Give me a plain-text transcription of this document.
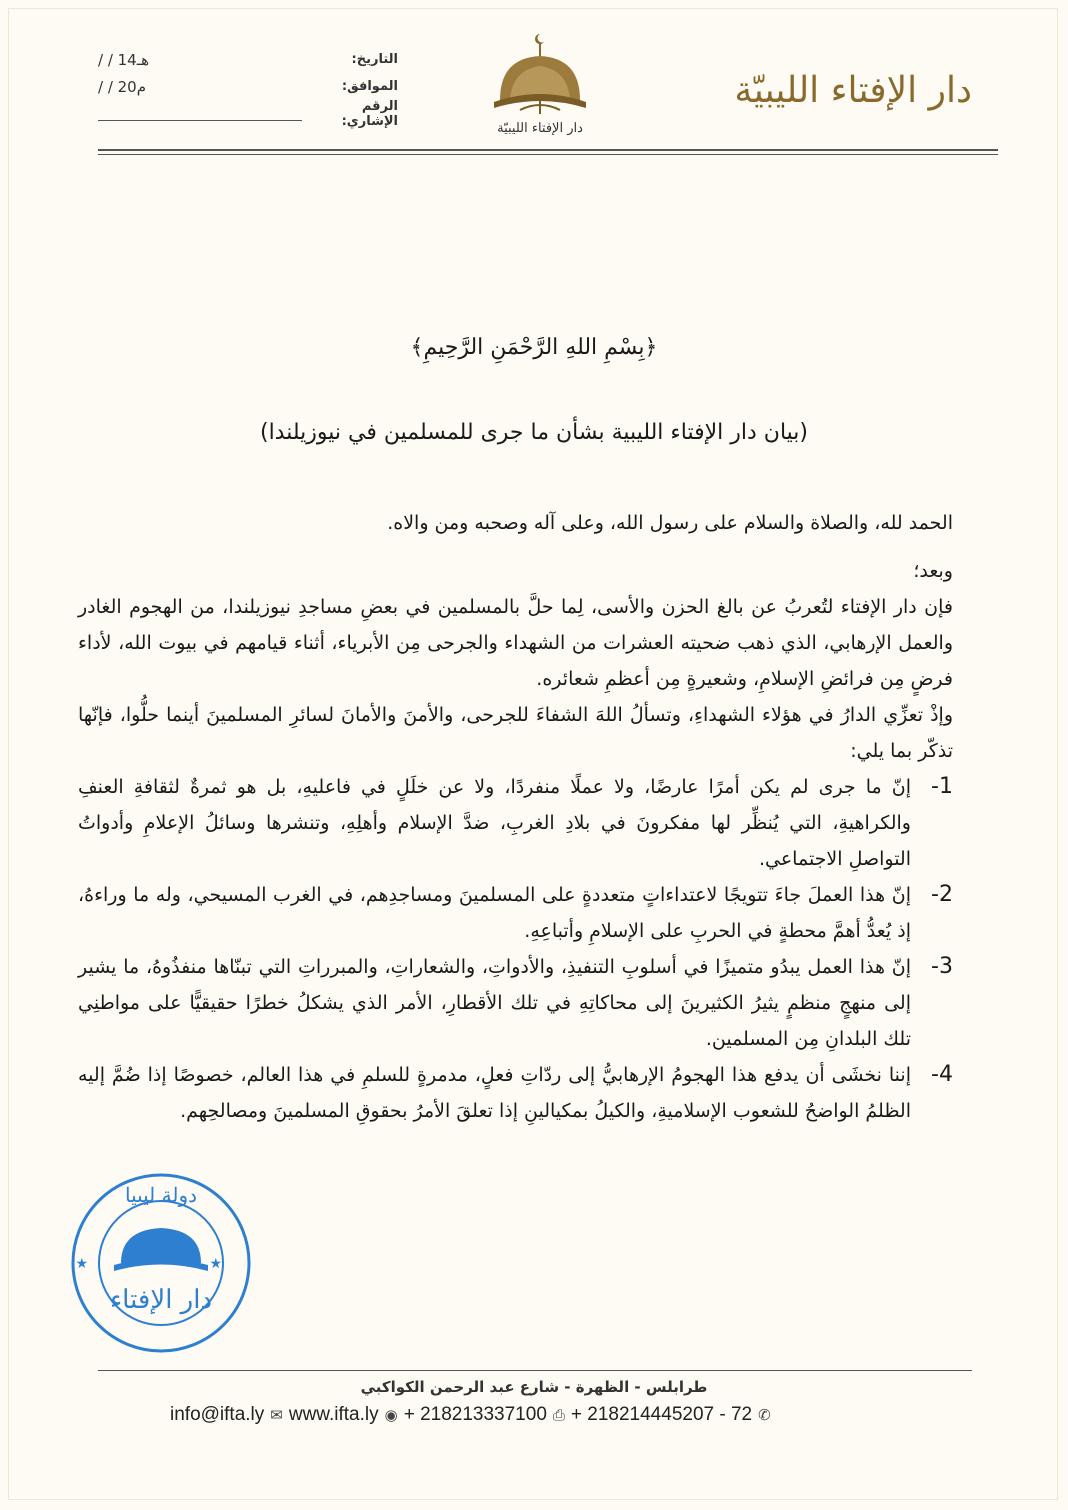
دار الإفتاء الليبيّة
دار الإفتاء الليبيّة
التاريخ:
/ / 14هـ
الموافق:
/ / 20م
الرقم الإشاري:
﴿بِسْمِ اللهِ الرَّحْمَنِ الرَّحِيمِ﴾
(بيان دار الإفتاء الليبية بشأن ما جرى للمسلمين في نيوزيلندا)

الحمد لله، والصلاة والسلام على رسول الله، وعلى آله وصحبه ومن والاه.

وبعد؛

فإن دار الإفتاء لتُعربُ عن بالغ الحزن والأسى، لِما حلَّ بالمسلمين في بعضِ مساجدِ نيوزيلندا، من الهجوم الغادر والعمل الإرهابي، الذي ذهب ضحيته العشرات من الشهداء والجرحى مِن الأبرياء، أثناء قيامهم في بيوت الله، لأداء فرضٍ مِن فرائضِ الإسلامِ، وشعيرةٍ مِن أعظمِ شعائره.

وإذْ تعزِّي الدارُ في هؤلاء الشهداءِ، وتسألُ اللهَ الشفاءَ للجرحى، والأمنَ والأمانَ لسائرِ المسلمينَ أينما حلُّوا، فإنّها تذكّر بما يلي:

1-
إنّ ما جرى لم يكن أمرًا عارضًا، ولا عملًا منفردًا، ولا عن خلَلٍ في فاعليهِ، بل هو ثمرةٌ لثقافةِ العنفِ والكراهيةِ، التي يُنظِّر لها مفكرونَ في بلادِ الغربِ، ضدَّ الإسلام وأهلِهِ، وتنشرها وسائلُ الإعلامِ وأدواتُ التواصلِ الاجتماعي.
2-
إنّ هذا العملَ جاءَ تتويجًا لاعتداءاتٍ متعددةٍ على المسلمينَ ومساجدِهم، في الغرب المسيحي، وله ما وراءهُ، إذ يُعدُّ أهمَّ محطةٍ في الحربِ على الإسلامِ وأتباعِهِ.
3-
إنّ هذا العمل يبدُو متميزًا في أسلوبِ التنفيذِ، والأدواتِ، والشعاراتِ، والمبرراتِ التي تبنّاها منفذُوهُ، ما يشير إلى منهجٍ منظمٍ يثيرُ الكثيرينَ إلى محاكاتِهِ في تلك الأقطارِ، الأمر الذي يشكلُ خطرًا حقيقيًّا على مواطنِي تلك البلدانِ مِن المسلمين.
4-
إننا نخشَى أن يدفع هذا الهجومُ الإرهابيُّ إلى ردّاتِ فعلٍ، مدمرةٍ للسلمِ في هذا العالم، خصوصًا إذا ضُمَّ إليه الظلمُ الواضحُ للشعوب الإسلاميةِ، والكيلُ بمكيالينِ إذا تعلقَ الأمرُ بحقوقِ المسلمينَ ومصالحِهم.
دولة ليبيا
دار الإفتاء
★	★
طرابلس - الظهرة - شارع عبد الرحمن الكواكبي
info@ifta.ly ✉ www.ifta.ly ◉ + 218213337100 ⎙ + 218214445207 - 72 ✆
